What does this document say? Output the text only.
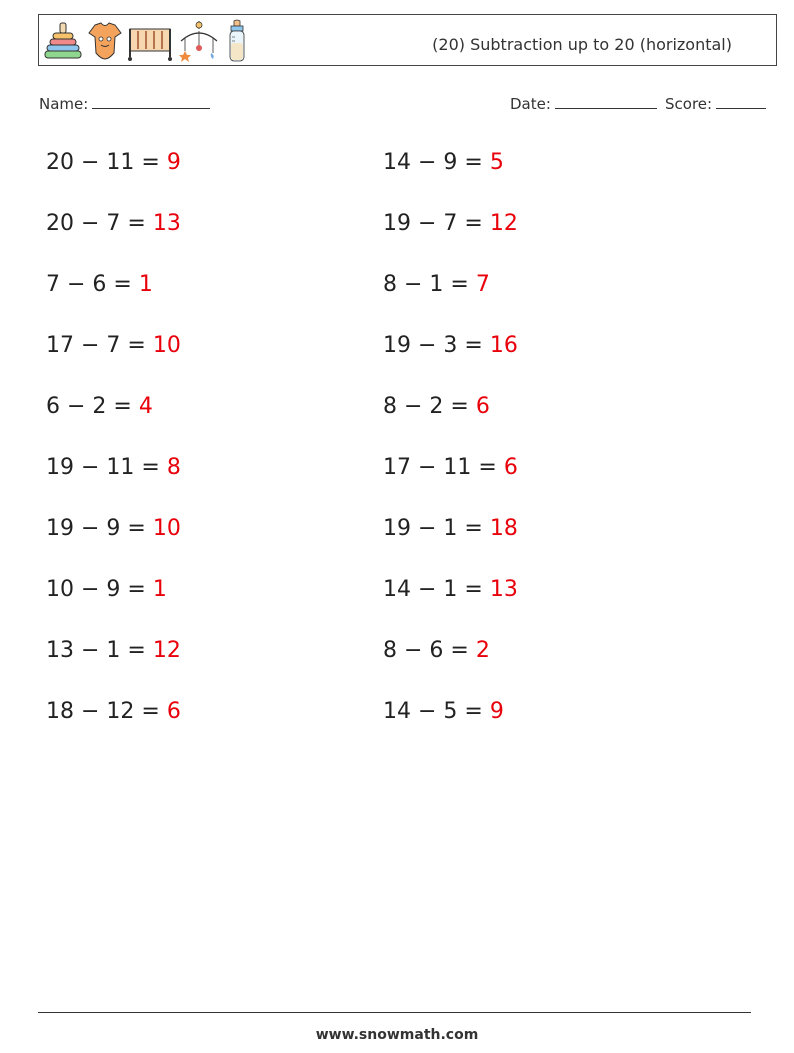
(20) Subtraction up to 20 (horizontal)
Name:	Date:	Score:
20 − 11 = 9	14 − 9 = 5
20 − 7 = 13	19 − 7 = 12
7 − 6 = 1	8 − 1 = 7
17 − 7 = 10	19 − 3 = 16
6 − 2 = 4	8 − 2 = 6
19 − 11 = 8	17 − 11 = 6
19 − 9 = 10	19 − 1 = 18
10 − 9 = 1	14 − 1 = 13
13 − 1 = 12	8 − 6 = 2
18 − 12 = 6	14 − 5 = 9
www.snowmath.com
